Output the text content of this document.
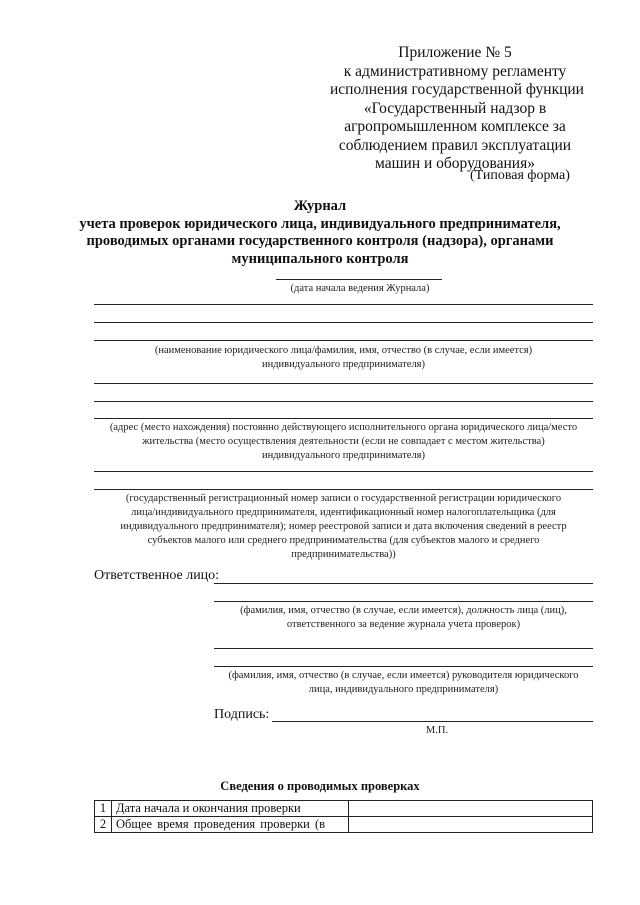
Приложение № 5
к административному регламенту
исполнения государственной функции
«Государственный надзор в
агропромышленном комплексе за
соблюдением правил эксплуатации
машин и оборудования»
(Типовая форма)
Журнал
учета проверок юридического лица, индивидуального предпринимателя,
проводимых органами государственного контроля (надзора), органами
муниципального контроля
(дата начала ведения Журнала)
(наименование юридического лица/фамилия, имя, отчество (в случае, если имеется)
индивидуального предпринимателя)
(адрес (место нахождения) постоянно действующего исполнительного органа юридического лица/место
жительства (место осуществления деятельности (если не совпадает с местом жительства)
индивидуального предпринимателя)
(государственный регистрационный номер записи о государственной регистрации юридического
лица/индивидуального предпринимателя, идентификационный номер налогоплательщика (для
индивидуального предпринимателя); номер реестровой записи и дата включения сведений в реестр
субъектов малого или среднего предпринимательства (для субъектов малого и среднего
предпринимательства))
Ответственное лицо:
(фамилия, имя, отчество (в случае, если имеется), должность лица (лиц),
ответственного за ведение журнала учета проверок)
(фамилия, имя, отчество (в случае, если имеется) руководителя юридического
лица, индивидуального предпринимателя)
Подпись:
М.П.
Сведения о проводимых проверках
1	Дата начала и окончания проверки	
2	Общее время проведения проверки (в	
